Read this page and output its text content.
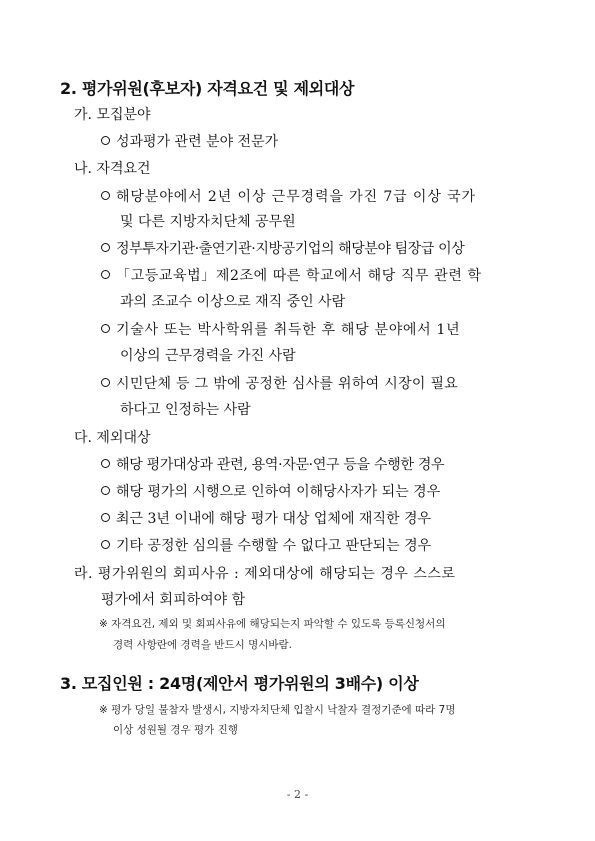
2. 평가위원(후보자) 자격요건 및 제외대상
가. 모집분야
성과평가 관련 분야 전문가
나. 자격요건
해당분야에서 2년 이상 근무경력을 가진 7급 이상 국가
및 다른 지방자치단체 공무원
정부투자기관·출연기관·지방공기업의 해당분야 팀장급 이상
「고등교육법」제2조에 따른 학교에서 해당 직무 관련 학
과의 조교수 이상으로 재직 중인 사람
기술사 또는 박사학위를 취득한 후 해당 분야에서 1년
이상의 근무경력을 가진 사람
시민단체 등 그 밖에 공정한 심사를 위하여 시장이 필요
하다고 인정하는 사람
다. 제외대상
해당 평가대상과 관련, 용역·자문·연구 등을 수행한 경우
해당 평가의 시행으로 인하여 이해당사자가 되는 경우
최근 3년 이내에 해당 평가 대상 업체에 재직한 경우
기타 공정한 심의를 수행할 수 없다고 판단되는 경우
라. 평가위원의 회피사유 : 제외대상에 해당되는 경우 스스로
평가에서 회피하여야 함
※ 자격요건, 제외 및 회피사유에 해당되는지 파악할 수 있도록 등록신청서의
경력 사항란에 경력을 반드시 명시바람.
3. 모집인원 : 24명(제안서 평가위원의 3배수) 이상
※ 평가 당일 불참자 발생시, 지방자치단체 입찰시 낙찰자 결정기준에 따라 7명
이상 성원될 경우 평가 진행
- 2 -
